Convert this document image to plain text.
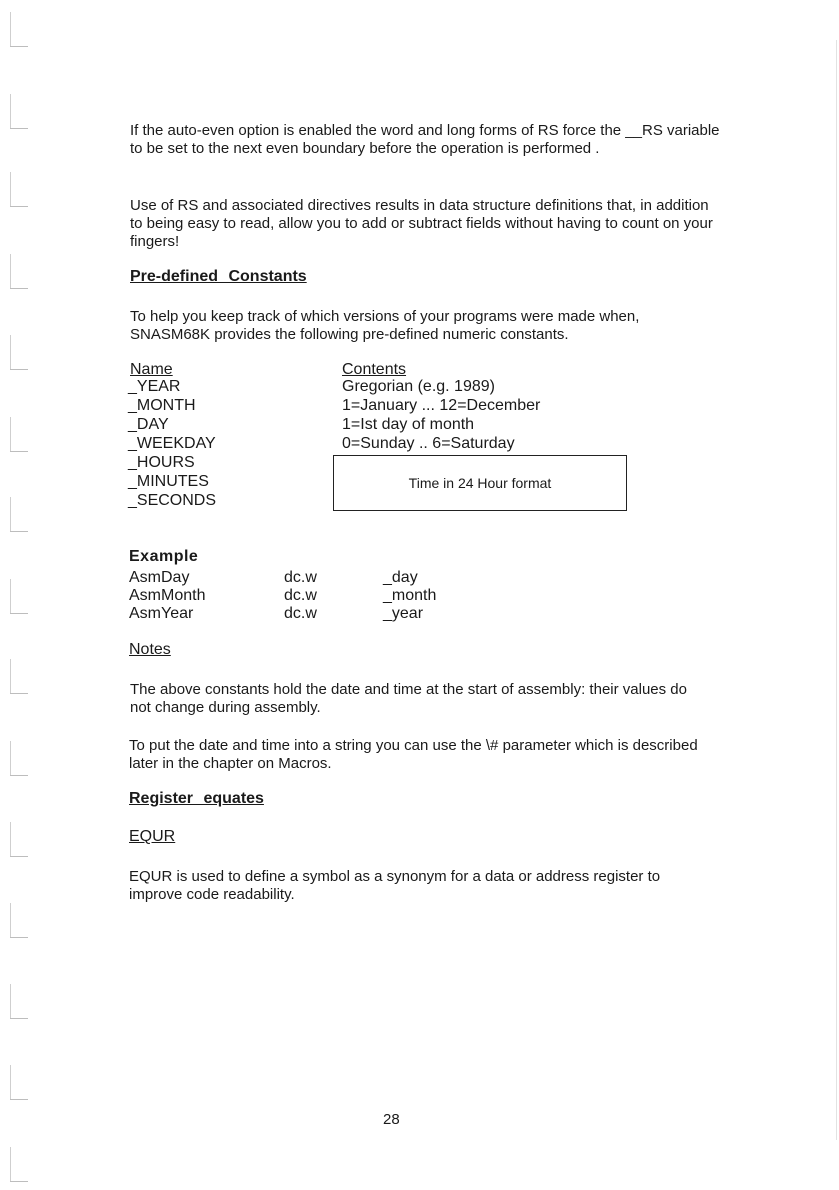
If the auto-even option is enabled the word and long forms of RS force the __RS variable to be set to the next even boundary before the operation is performed .

Use of RS and associated directives results in data structure definitions that, in addition to being easy to read, allow you to add or subtract fields without having to count on your fingers!

Pre-defined Constants

To help you keep track of which versions of your programs were made when, SNASM68K provides the following pre-defined numeric constants.

Name	Contents
_YEAR	Gregorian (e.g. 1989)
_MONTH	1=January ... 12=December
_DAY	1=Ist day of month
_WEEKDAY	0=Sunday .. 6=Saturday
_HOURS
_MINUTES
_SECONDS
Time in 24 Hour format
Example
AsmDay	dc.w	_day
AsmMonth	dc.w	_month
AsmYear	dc.w	_year
Notes

The above constants hold the date and time at the start of assembly: their values do not change during assembly.

To put the date and time into a string you can use the \# parameter which is described later in the chapter on Macros.

Register equates
EQUR

EQUR is used to define a symbol as a synonym for a data or address register to improve code readability.

28
